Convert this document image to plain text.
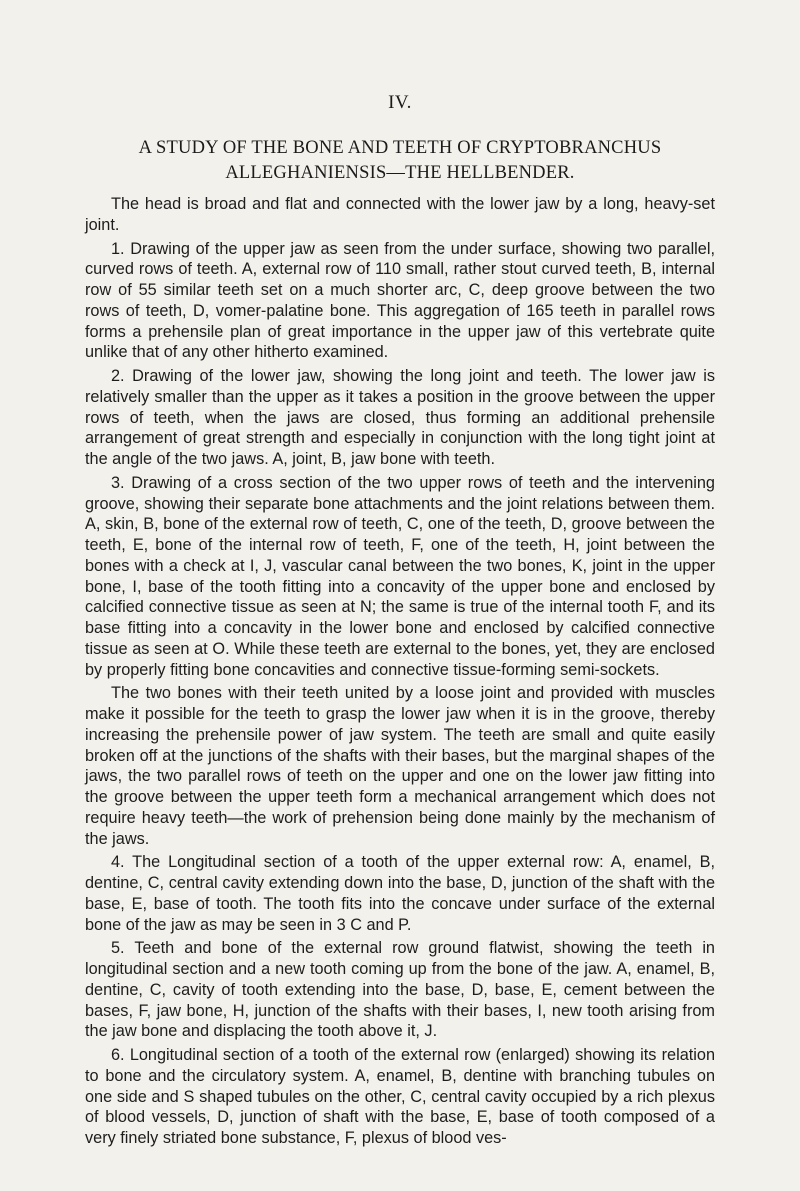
IV.
A STUDY OF THE BONE AND TEETH OF CRYPTOBRANCHUS
ALLEGHANIENSIS—THE HELLBENDER.

The head is broad and flat and connected with the lower jaw by a long, heavy-set joint.

1. Drawing of the upper jaw as seen from the under surface, showing two parallel, curved rows of teeth. A, external row of 110 small, rather stout curved teeth, B, internal row of 55 similar teeth set on a much shorter arc, C, deep groove between the two rows of teeth, D, vomer-palatine bone. This aggregation of 165 teeth in parallel rows forms a prehensile plan of great importance in the upper jaw of this vertebrate quite unlike that of any other hitherto examined.

2. Drawing of the lower jaw, showing the long joint and teeth. The lower jaw is relatively smaller than the upper as it takes a position in the groove between the upper rows of teeth, when the jaws are closed, thus forming an additional prehensile arrangement of great strength and especially in conjunction with the long tight joint at the angle of the two jaws. A, joint, B, jaw bone with teeth.

3. Drawing of a cross section of the two upper rows of teeth and the intervening groove, showing their separate bone attachments and the joint relations between them. A, skin, B, bone of the external row of teeth, C, one of the teeth, D, groove between the teeth, E, bone of the internal row of teeth, F, one of the teeth, H, joint between the bones with a check at I, J, vascular canal between the two bones, K, joint in the upper bone, I, base of the tooth fitting into a concavity of the upper bone and enclosed by calcified connective tissue as seen at N; the same is true of the internal tooth F, and its base fitting into a concavity in the lower bone and enclosed by calcified connective tissue as seen at O. While these teeth are external to the bones, yet, they are enclosed by properly fitting bone concavities and connective tissue-forming semi-sockets.

The two bones with their teeth united by a loose joint and provided with muscles make it possible for the teeth to grasp the lower jaw when it is in the groove, thereby increasing the prehensile power of jaw system. The teeth are small and quite easily broken off at the junctions of the shafts with their bases, but the marginal shapes of the jaws, the two parallel rows of teeth on the upper and one on the lower jaw fitting into the groove between the upper teeth form a mechanical arrangement which does not require heavy teeth—the work of prehension being done mainly by the mechanism of the jaws.

4. The Longitudinal section of a tooth of the upper external row: A, enamel, B, dentine, C, central cavity extending down into the base, D, junction of the shaft with the base, E, base of tooth. The tooth fits into the concave under surface of the external bone of the jaw as may be seen in 3 C and P.

5. Teeth and bone of the external row ground flatwist, showing the teeth in longitudinal section and a new tooth coming up from the bone of the jaw. A, enamel, B, dentine, C, cavity of tooth extending into the base, D, base, E, cement between the bases, F, jaw bone, H, junction of the shafts with their bases, I, new tooth arising from the jaw bone and displacing the tooth above it, J.

6. Longitudinal section of a tooth of the external row (enlarged) showing its relation to bone and the circulatory system. A, enamel, B, dentine with branching tubules on one side and S shaped tubules on the other, C, central cavity occupied by a rich plexus of blood vessels, D, junction of shaft with the base, E, base of tooth composed of a very finely striated bone substance, F, plexus of blood ves-
